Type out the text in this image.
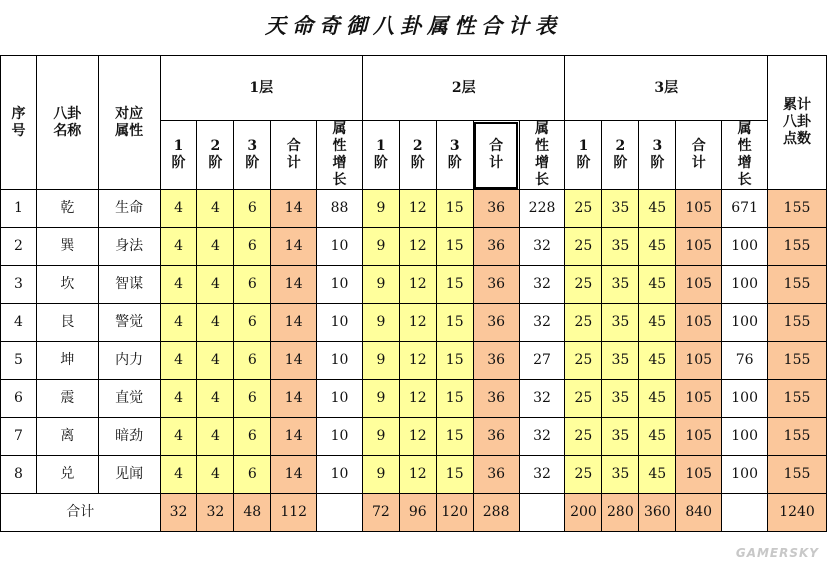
天命奇御八卦属性合计表
序号	八卦名称	对应属性	1层					2层					3层					累计八卦点数

			1阶	2阶	3阶	合计	属性增长	1阶	2阶	3阶	合计	属性增长	1阶	2阶	3阶	合计	属性增长	

1	乾	生命	4	4	6	14	88	9	12	15	36	228	25	35	45	105	671	155
2	巽	身法	4	4	6	14	10	9	12	15	36	32	25	35	45	105	100	155
3	坎	智谋	4	4	6	14	10	9	12	15	36	32	25	35	45	105	100	155
4	艮	警觉	4	4	6	14	10	9	12	15	36	32	25	35	45	105	100	155
5	坤	内力	4	4	6	14	10	9	12	15	36	27	25	35	45	105	76	155
6	震	直觉	4	4	6	14	10	9	12	15	36	32	25	35	45	105	100	155
7	离	暗劲	4	4	6	14	10	9	12	15	36	32	25	35	45	105	100	155
8	兑	见闻	4	4	6	14	10	9	12	15	36	32	25	35	45	105	100	155
合计			32	32	48	112		72	96	120	288		200	280	360	840		1240
GAMERSKY
